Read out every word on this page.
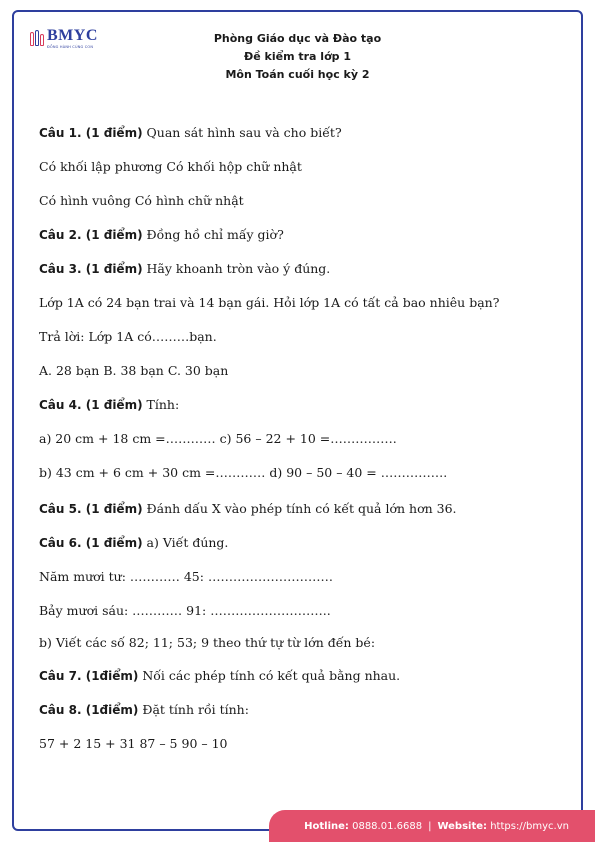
BMYC
ĐỒNG HÀNH CÙNG CON
Phòng Giáo dục và Đào tạo
Đề kiểm tra lớp 1
Môn Toán cuối học kỳ 2
Câu 1. (1 điểm) Quan sát hình sau và cho biết?
Có khối lập phương Có khối hộp chữ nhật
Có hình vuông Có hình chữ nhật
Câu 2. (1 điểm) Đồng hồ chỉ mấy giờ?
Câu 3. (1 điểm) Hãy khoanh tròn vào ý đúng.
Lớp 1A có 24 bạn trai và 14 bạn gái. Hỏi lớp 1A có tất cả bao nhiêu bạn?
Trả lời: Lớp 1A có………bạn.
A. 28 bạn B. 38 bạn C. 30 bạn
Câu 4. (1 điểm) Tính:
a) 20 cm + 18 cm =………… c) 56 – 22 + 10 =…………….
b) 43 cm + 6 cm + 30 cm =………… d) 90 – 50 – 40 = …………….
Câu 5. (1 điểm) Đánh dấu X vào phép tính có kết quả lớn hơn 36.
Câu 6. (1 điểm) a) Viết đúng.
Năm mươi tư: ………… 45: …………………………
Bảy mươi sáu: ………… 91: ………………………..
b) Viết các số 82; 11; 53; 9 theo thứ tự từ lớn đến bé:
Câu 7. (1điểm) Nối các phép tính có kết quả bằng nhau.
Câu 8. (1điểm) Đặt tính rồi tính:
57 + 2 15 + 31 87 – 5 90 – 10
Hotline:
0888.01.6688 | Website:
https://bmyc.vn
